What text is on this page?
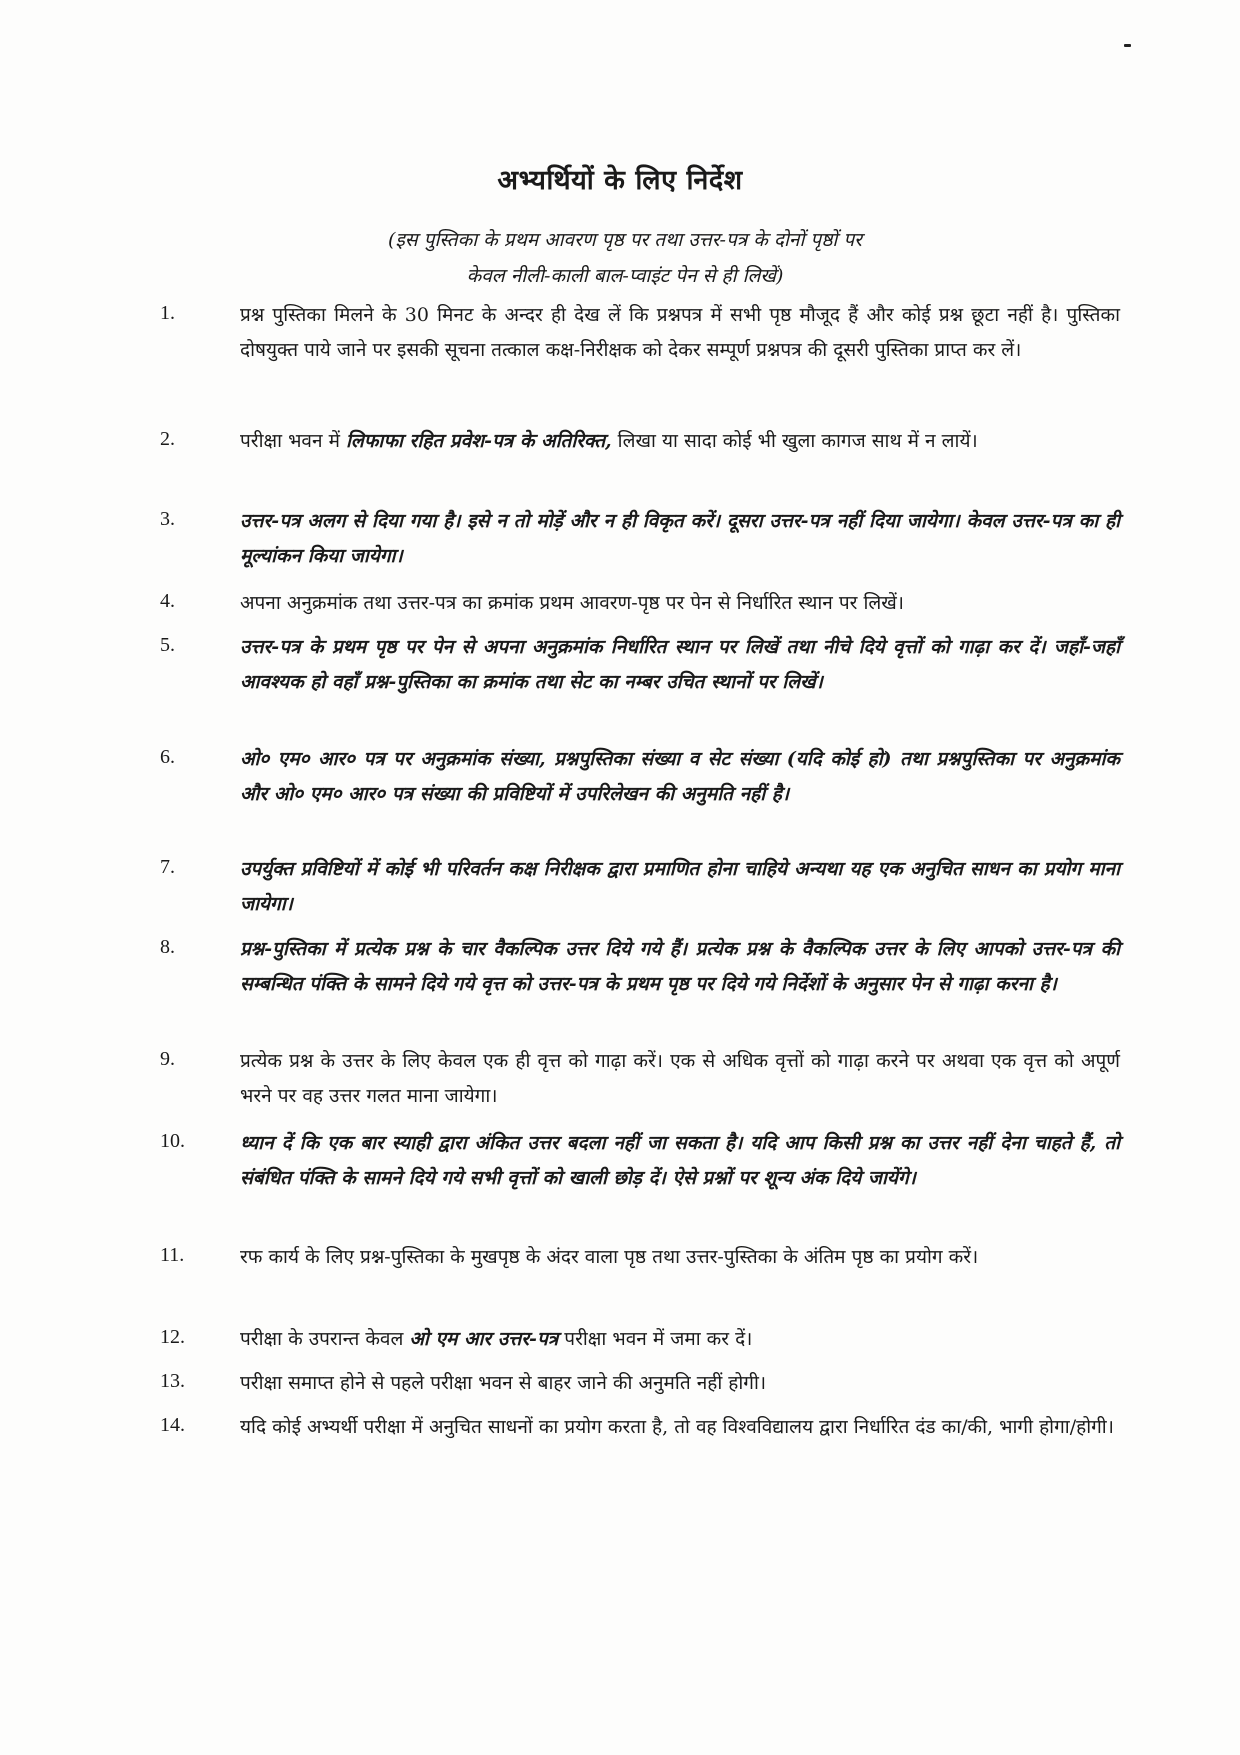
अभ्यर्थियों के लिए निर्देश
(इस पुस्तिका के प्रथम आवरण पृष्ठ पर तथा उत्तर-पत्र के दोनों पृष्ठों पर
केवल नीली-काली बाल-प्वाइंट पेन से ही लिखें)
1.	प्रश्न पुस्तिका मिलने के 30 मिनट के अन्दर ही देख लें कि प्रश्नपत्र में सभी पृष्ठ मौजूद हैं और कोई प्रश्न छूटा नहीं है। पुस्तिका दोषयुक्त पाये जाने पर इसकी सूचना तत्काल कक्ष-निरीक्षक को देकर सम्पूर्ण प्रश्नपत्र की दूसरी पुस्तिका प्राप्त कर लें।
2.	परीक्षा भवन में लिफाफा रहित प्रवेश-पत्र के अतिरिक्त, लिखा या सादा कोई भी खुला कागज साथ में न लायें।
3.	उत्तर-पत्र अलग से दिया गया है। इसे न तो मोड़ें और न ही विकृत करें। दूसरा उत्तर-पत्र नहीं दिया जायेगा। केवल उत्तर-पत्र का ही मूल्यांकन किया जायेगा।
4.	अपना अनुक्रमांक तथा उत्तर-पत्र का क्रमांक प्रथम आवरण-पृष्ठ पर पेन से निर्धारित स्थान पर लिखें।
5.	उत्तर-पत्र के प्रथम पृष्ठ पर पेन से अपना अनुक्रमांक निर्धारित स्थान पर लिखें तथा नीचे दिये वृत्तों को गाढ़ा कर दें। जहाँ-जहाँ आवश्यक हो वहाँ प्रश्न-पुस्तिका का क्रमांक तथा सेट का नम्बर उचित स्थानों पर लिखें।
6.	ओ० एम० आर० पत्र पर अनुक्रमांक संख्या, प्रश्नपुस्तिका संख्या व सेट संख्या (यदि कोई हो) तथा प्रश्नपुस्तिका पर अनुक्रमांक और ओ० एम० आर० पत्र संख्या की प्रविष्टियों में उपरिलेखन की अनुमति नहीं है।
7.	उपर्युक्त प्रविष्टियों में कोई भी परिवर्तन कक्ष निरीक्षक द्वारा प्रमाणित होना चाहिये अन्यथा यह एक अनुचित साधन का प्रयोग माना जायेगा।
8.	प्रश्न-पुस्तिका में प्रत्येक प्रश्न के चार वैकल्पिक उत्तर दिये गये हैं। प्रत्येक प्रश्न के वैकल्पिक उत्तर के लिए आपको उत्तर-पत्र की सम्बन्धित पंक्ति के सामने दिये गये वृत्त को उत्तर-पत्र के प्रथम पृष्ठ पर दिये गये निर्देशों के अनुसार पेन से गाढ़ा करना है।
9.	प्रत्येक प्रश्न के उत्तर के लिए केवल एक ही वृत्त को गाढ़ा करें। एक से अधिक वृत्तों को गाढ़ा करने पर अथवा एक वृत्त को अपूर्ण भरने पर वह उत्तर गलत माना जायेगा।
10.	ध्यान दें कि एक बार स्याही द्वारा अंकित उत्तर बदला नहीं जा सकता है। यदि आप किसी प्रश्न का उत्तर नहीं देना चाहते हैं, तो संबंधित पंक्ति के सामने दिये गये सभी वृत्तों को खाली छोड़ दें। ऐसे प्रश्नों पर शून्य अंक दिये जायेंगे।
11.	रफ कार्य के लिए प्रश्न-पुस्तिका के मुखपृष्ठ के अंदर वाला पृष्ठ तथा उत्तर-पुस्तिका के अंतिम पृष्ठ का प्रयोग करें।
12.	परीक्षा के उपरान्त केवल ओ एम आर उत्तर-पत्र परीक्षा भवन में जमा कर दें।
13.	परीक्षा समाप्त होने से पहले परीक्षा भवन से बाहर जाने की अनुमति नहीं होगी।
14.	यदि कोई अभ्यर्थी परीक्षा में अनुचित साधनों का प्रयोग करता है, तो वह विश्वविद्यालय द्वारा निर्धारित दंड का/की, भागी होगा/होगी।
